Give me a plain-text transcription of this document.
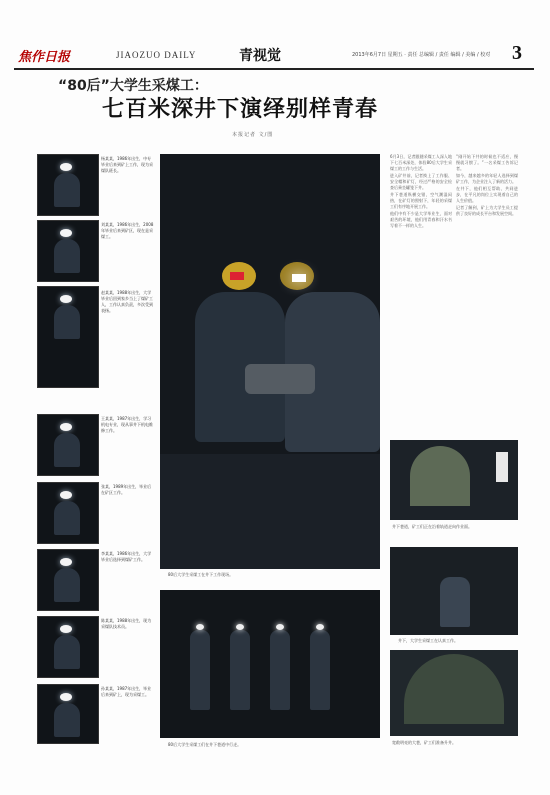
焦作日报	JIAOZUO DAILY	青视觉	2013年6月7日 星期五 · 责任 总编辑 / 责任 编辑 / 美编 / 校对 3
“80后”大学生采煤工：
七百米深井下演绎别样青春
本报记者 文/图
杨某某，1986年出生，中专毕业后来到矿上工作，现为采煤队班长。
刘某某，1986年出生，2008年毕业后来到矿区，现在是采煤工。
赵某某，1988年出生，大学毕业后回到家乡当上了煤矿工人，工作认真负责，多次受到表扬。
王某某，1987年出生，学习机电专业，现从事井下机电维修工作。
张某，1989年出生，毕业后在矿区工作。
李某某，1986年出生，大学毕业后选择到煤矿工作。
陈某某，1988年出生，现为采煤队技术员。
孙某某，1987年出生，毕业后来到矿上，现为采煤工。
80后大学生采煤工在井下工作现场。
6月3日，记者跟随采煤工人深入地下七百米深处，体验80后大学生采煤工的工作与生活。
进入矿井前，记者换上了工作服、安全帽和矿灯，经过严格的安全检查后乘坐罐笼下井。
井下巷道纵横交错，空气潮湿闷热，在矿灯的照射下，年轻的采煤工们有序地开展工作。
他们中有不少是大学毕业生，面对艰苦的环境，他们用青春和汗水书写着不一样的人生。
“刚开始下井的时候也不适应，慢慢就习惯了。”一名采煤工告诉记者。
如今，越来越多的年轻人选择到煤矿工作，为企业注入了新的活力。
在井下，他们相互帮助、共同进步，在平凡的岗位上实现着自己的人生价值。
记者了解到，矿上为大学生员工提供了良好的成长平台和发展空间。
井下巷道，矿工们正在沿着轨道走向作业面。
井下，大学生采煤工在认真工作。
宽敞明亮的大巷，矿工们准备升井。
80后大学生采煤工们在井下巷道中行走。
